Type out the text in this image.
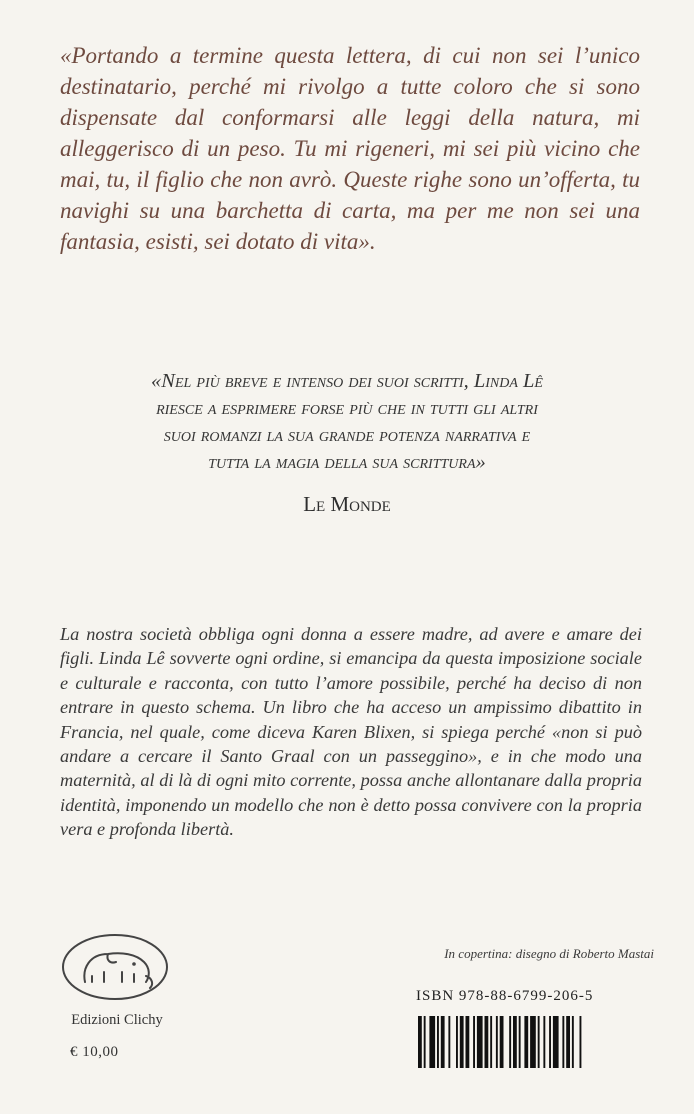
«Portando a termine questa lettera, di cui non sei l’unico destinatario, perché mi rivolgo a tutte coloro che si sono dispensate dal conformarsi alle leggi della natura, mi alleggerisco di un peso. Tu mi rigeneri, mi sei più vicino che mai, tu, il figlio che non avrò. Queste righe sono un’offerta, tu navighi su una barchetta di carta, ma per me non sei una fantasia, esisti, sei dotato di vita».
«Nel più breve e intenso dei suoi scritti, Linda Lê
riesce a esprimere forse più che in tutti gli altri
suoi romanzi la sua grande potenza narrativa e
tutta la magia della sua scrittura»
Le Monde
La nostra società obbliga ogni donna a essere madre, ad avere e amare dei figli. Linda Lê sovverte ogni ordine, si emancipa da questa imposizione sociale e culturale e racconta, con tutto l’amore possibile, perché ha deciso di non entrare in questo schema. Un libro che ha acceso un ampissimo dibattito in Francia, nel quale, come diceva Karen Blixen, si spiega perché «non si può andare a cercare il Santo Graal con un passeggino», e in che modo una maternità, al di là di ogni mito corrente, possa anche allontanare dalla propria identità, imponendo un modello che non è detto possa convivere con la propria vera e profonda libertà.
Edizioni Clichy
€ 10,00
In copertina: disegno di Roberto Mastai
ISBN 978-88-6799-206-5
